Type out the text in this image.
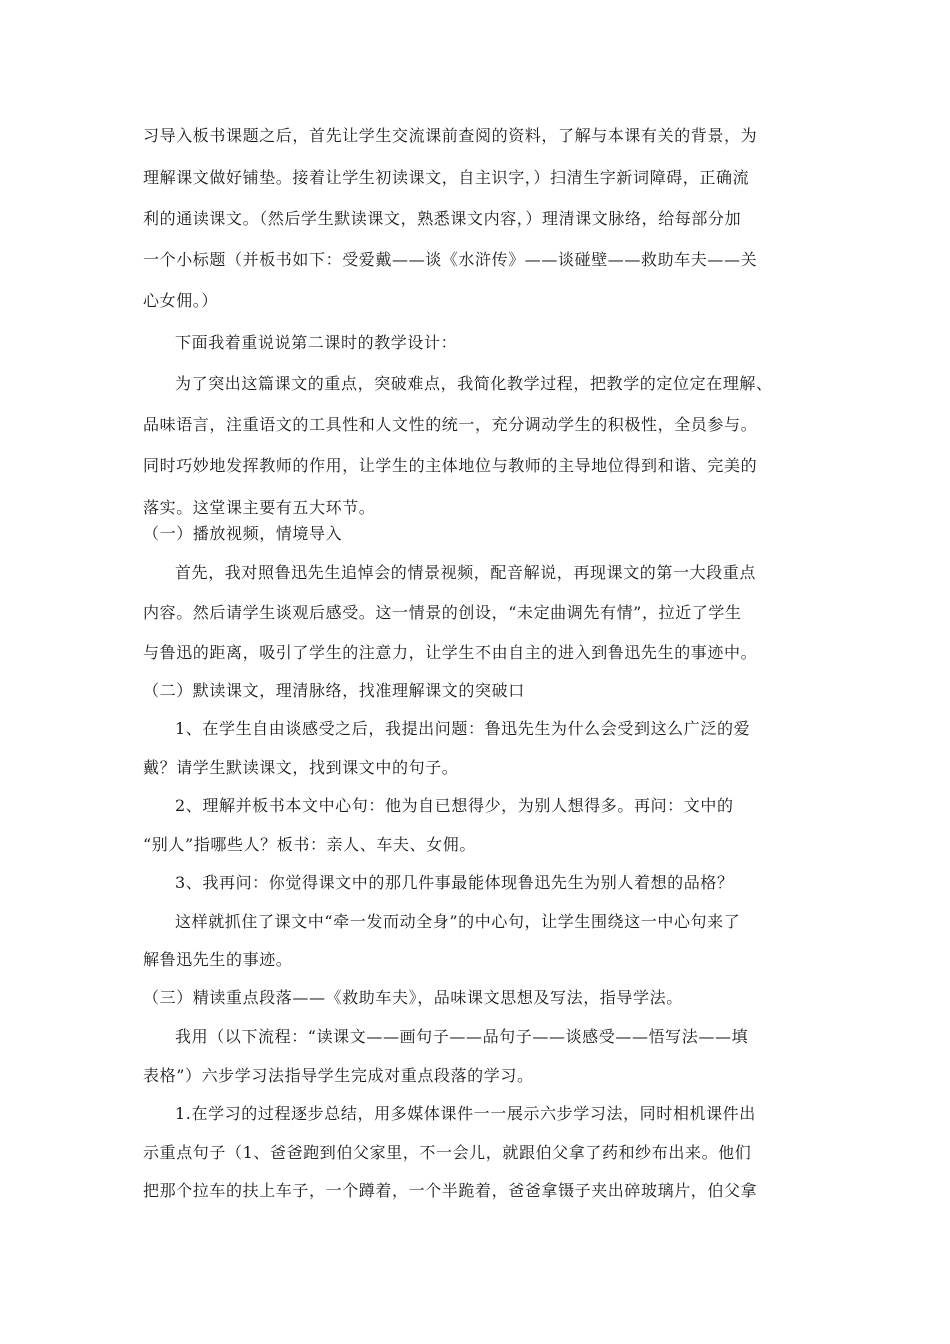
习导入板书课题之后，首先让学生交流课前查阅的资料，了解与本课有关的背景，为
理解课文做好铺垫。接着让学生初读课文，自主识字，）扫清生字新词障碍，正确流
利的通读课文。（然后学生默读课文，熟悉课文内容，）理清课文脉络，给每部分加
一个小标题（并板书如下：受爱戴——谈《水浒传》——谈碰壁——救助车夫——关
心女佣。）
下面我着重说说第二课时的教学设计：
为了突出这篇课文的重点，突破难点，我简化教学过程，把教学的定位定在理解、
品味语言，注重语文的工具性和人文性的统一，充分调动学生的积极性，全员参与。
同时巧妙地发挥教师的作用，让学生的主体地位与教师的主导地位得到和谐、完美的
落实。这堂课主要有五大环节。
（一）播放视频，情境导入
首先，我对照鲁迅先生追悼会的情景视频，配音解说，再现课文的第一大段重点
内容。然后请学生谈观后感受。这一情景的创设，“未定曲调先有情”，拉近了学生
与鲁迅的距离，吸引了学生的注意力，让学生不由自主的进入到鲁迅先生的事迹中。
（二）默读课文，理清脉络，找准理解课文的突破口
1、在学生自由谈感受之后，我提出问题：鲁迅先生为什么会受到这么广泛的爱
戴？请学生默读课文，找到课文中的句子。
2、理解并板书本文中心句：他为自已想得少，为别人想得多。再问：文中的
“别人”指哪些人？板书：亲人、车夫、女佣。
3、我再问：你觉得课文中的那几件事最能体现鲁迅先生为别人着想的品格？
这样就抓住了课文中“牵一发而动全身”的中心句，让学生围绕这一中心句来了
解鲁迅先生的事迹。
（三）精读重点段落——《救助车夫》，品味课文思想及写法，指导学法。
我用（以下流程：“读课文——画句子——品句子——谈感受——悟写法——填
表格”）六步学习法指导学生完成对重点段落的学习。
1.在学习的过程逐步总结，用多媒体课件一一展示六步学习法，同时相机课件出
示重点句子（1、爸爸跑到伯父家里，不一会儿，就跟伯父拿了药和纱布出来。他们
把那个拉车的扶上车子，一个蹲着，一个半跪着，爸爸拿镊子夹出碎玻璃片，伯父拿
